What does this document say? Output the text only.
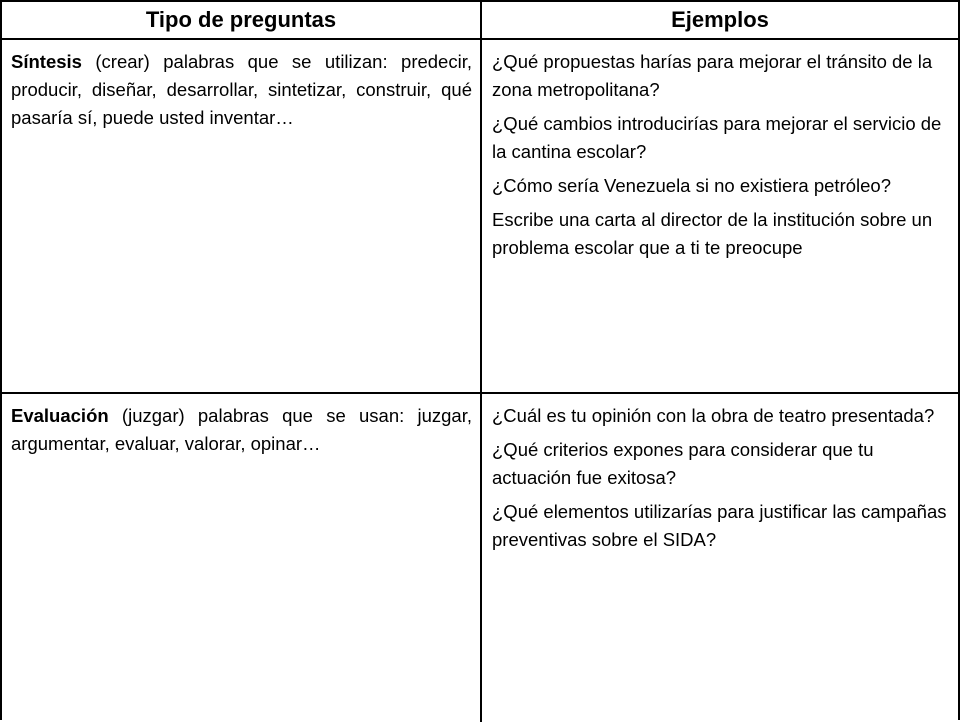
Tipo de preguntas	Ejemplos
Síntesis (crear) palabras que se utilizan: predecir, producir, diseñar, desarrollar, sintetizar, construir, qué pasaría sí, puede usted inventar…

¿Qué propuestas harías para mejorar el tránsito de la zona metropolitana?

¿Qué cambios introducirías para mejorar el servicio de la cantina escolar?

¿Cómo sería Venezuela si no existiera petróleo?

Escribe una carta al director de la institución sobre un problema escolar que a ti te preocupe

Evaluación (juzgar) palabras que se usan: juzgar, argumentar, evaluar, valorar, opinar…

¿Cuál es tu opinión con la obra de teatro presentada?

¿Qué criterios expones para considerar que tu actuación fue exitosa?

¿Qué elementos utilizarías para justificar las campañas preventivas sobre el SIDA?
